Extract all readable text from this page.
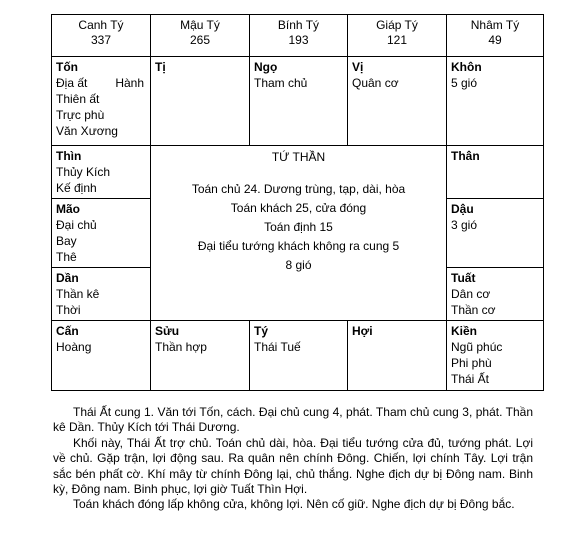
Canh Tý
337
Mậu Tý
265
Bính Tý
193
Giáp Tý
121
Nhâm Tý
49
Tốn
Địa ất Hành
Thiên ất
Trực phù
Văn Xương
Tị	Ngọ
Tham chủ
Vị
Quân cơ
Khôn
5 gió
Thìn
Thủy Kích
Kế định
Mão
Đại chủ
Bay
Thê
Dần
Thần kê
Thời
TỨ THẦN
Toán chủ 24. Dương trùng, tạp, dài, hòa
Toán khách 25, cửa đóng
Toán định 15
Đại tiểu tướng khách không ra cung 5
8 gió
Thân
Dậu
3 gió
Tuất
Dân cơ
Thần cơ
Cấn
Hoàng
Sửu
Thần hợp
Tý
Thái Tuế
Hợi	Kiền
Ngũ phúc
Phi phù
Thái Ất

Thái Ất cung 1. Văn tới Tốn, cách. Đại chủ cung 4, phát. Tham chủ cung 3, phát. Thần kê Dần. Thủy Kích tới Thái Dương.

Khối này, Thái Ất trợ chủ. Toán chủ dài, hòa. Đại tiểu tướng cửa đủ, tướng phát. Lợi về chủ. Gặp trận, lợi động sau. Ra quân nên chính Đông. Chiến, lợi chính Tây. Lợi trận sắc bén phất cờ. Khí mây từ chính Đông lại, chủ thắng. Nghe địch dự bị Đông nam. Binh kỳ, Đông nam. Binh phục, lợi giờ Tuất Thìn Hợi.

Toán khách đóng lấp không cửa, không lợi. Nên cố giữ. Nghe địch dự bị Đông bắc.
